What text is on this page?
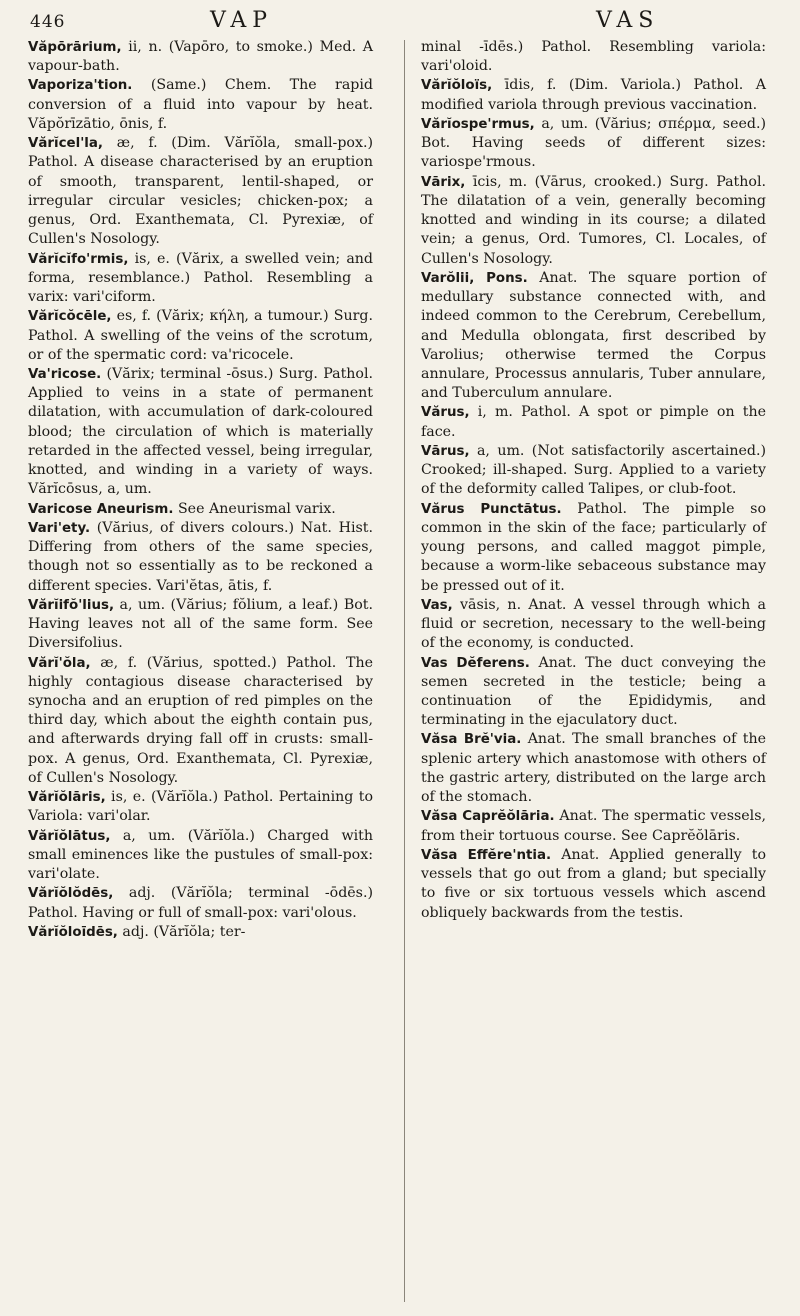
446	VAP	VAS
Văpōrārium, ii, n. (Vapōro, to smoke.) Med. A vapour-bath.
Vaporiza'tion. (Same.) Chem. The rapid conversion of a fluid into vapour by heat. Văpŏrīzātio, ōnis, f.
Vărĭcel'la, æ, f. (Dim. Vărĭŏla, small-pox.) Pathol. A disease characterised by an eruption of smooth, transparent, lentil-shaped, or irregular circular vesicles; chicken-pox; a genus, Ord. Exanthemata, Cl. Pyrexiæ, of Cullen's Nosology.
Vărĭcĭfo'rmis, is, e. (Vărix, a swelled vein; and forma, resemblance.) Pathol. Resembling a varix: vari'ciform.
Vărĭcŏcēle, es, f. (Vărix; κήλη, a tumour.) Surg. Pathol. A swelling of the veins of the scrotum, or of the spermatic cord: va'ricocele.
Va'ricose. (Vărix; terminal -ōsus.) Surg. Pathol. Applied to veins in a state of permanent dilatation, with accumulation of dark-coloured blood; the circulation of which is materially retarded in the affected vessel, being irregular, knotted, and winding in a variety of ways. Vărĭcōsus, a, um.
Varicose Aneurism. See Aneurismal varix.
Vari'ety. (Vărius, of divers colours.) Nat. Hist. Differing from others of the same species, though not so essentially as to be reckoned a different species. Vari'ĕtas, ātis, f.
Vărĭifŏ'lius, a, um. (Vărius; fŏlium, a leaf.) Bot. Having leaves not all of the same form. See Diversifolius.
Vărĭ'ŏla, æ, f. (Vărius, spotted.) Pathol. The highly contagious disease characterised by synocha and an eruption of red pimples on the third day, which about the eighth contain pus, and afterwards drying fall off in crusts: small-pox. A genus, Ord. Exanthemata, Cl. Pyrexiæ, of Cullen's Nosology.
Vărĭŏlāris, is, e. (Vărĭŏla.) Pathol. Pertaining to Variola: vari'olar.
Vărĭŏlātus, a, um. (Vărĭŏla.) Charged with small eminences like the pustules of small-pox: vari'olate.
Vărĭŏlŏdēs, adj. (Vărĭŏla; terminal -ōdēs.) Pathol. Having or full of small-pox: vari'olous.
Vărĭŏloīdēs, adj. (Vărĭŏla; ter-
minal -īdēs.) Pathol. Resembling variola: vari'oloid.
Vărĭŏloïs, īdis, f. (Dim. Variola.) Pathol. A modified variola through previous vaccination.
Vărĭospe'rmus, a, um. (Vărius; σπέρμα, seed.) Bot. Having seeds of different sizes: variospe'rmous.
Vārix, īcis, m. (Vārus, crooked.) Surg. Pathol. The dilatation of a vein, generally becoming knotted and winding in its course; a dilated vein; a genus, Ord. Tumores, Cl. Locales, of Cullen's Nosology.
Varŏlii, Pons. Anat. The square portion of medullary substance connected with, and indeed common to the Cerebrum, Cerebellum, and Medulla oblongata, first described by Varolius; otherwise termed the Corpus annulare, Processus annularis, Tuber annulare, and Tuberculum annulare.
Vărus, i, m. Pathol. A spot or pimple on the face.
Vārus, a, um. (Not satisfactorily ascertained.) Crooked; ill-shaped. Surg. Applied to a variety of the deformity called Talipes, or club-foot.
Vărus Punctātus. Pathol. The pimple so common in the skin of the face; particularly of young persons, and called maggot pimple, because a worm-like sebaceous substance may be pressed out of it.
Vas, vāsis, n. Anat. A vessel through which a fluid or secretion, necessary to the well-being of the economy, is conducted.
Vas Dĕferens. Anat. The duct conveying the semen secreted in the testicle; being a continuation of the Epididymis, and terminating in the ejaculatory duct.
Văsa Brĕ'via. Anat. The small branches of the splenic artery which anastomose with others of the gastric artery, distributed on the large arch of the stomach.
Văsa Caprĕŏlāria. Anat. The spermatic vessels, from their tortuous course. See Caprĕŏlāris.
Văsa Effĕre'ntia. Anat. Applied generally to vessels that go out from a gland; but specially to five or six tortuous vessels which ascend obliquely backwards from the testis.
